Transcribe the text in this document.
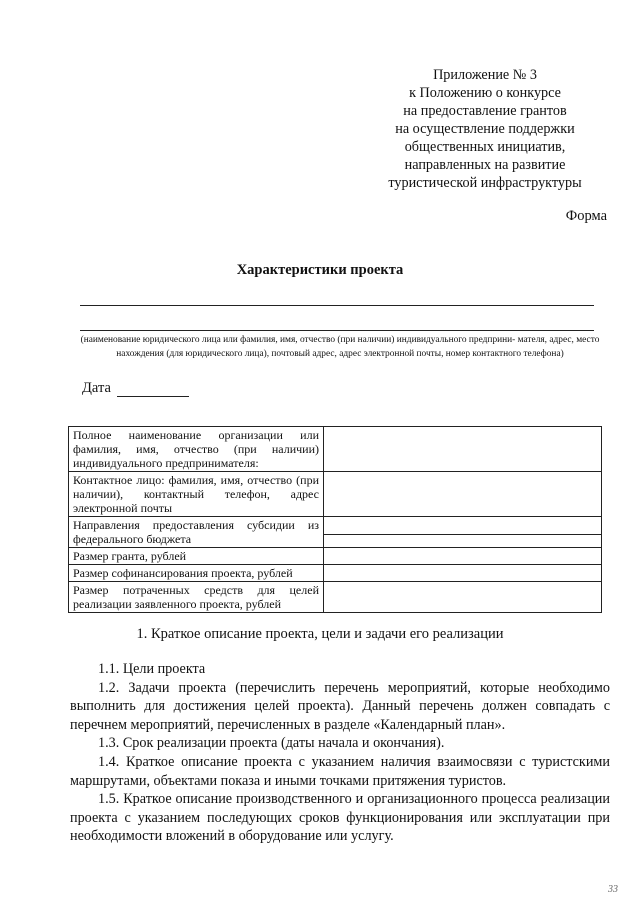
Приложение № 3
к Положению о конкурсе
на предоставление грантов
на осуществление поддержки
общественных инициатив,
направленных на развитие
туристической инфраструктуры
Форма
Характеристики проекта
(наименование юридического лица или фамилия, имя, отчество (при наличии) индивидуального предприни- мателя, адрес, место нахождения (для юридического лица), почтовый адрес, адрес электронной почты, номер контактного телефона)
Дата
Полное наименование организации или фамилия, имя, отчество (при наличии) индивидуального предпринимателя:	
Контактное лицо: фамилия, имя, отчество (при наличии), контактный телефон, адрес электронной почты	
Направления предоставления субсидии из федерального бюджета	

Размер гранта, рублей	
Размер софинансирования проекта, рублей	
Размер потраченных средств для целей реализации заявленного проекта, рублей	
1. Краткое описание проекта, цели и задачи его реализации

1.1. Цели проекта

1.2. Задачи проекта (перечислить перечень мероприятий, которые необходимо выполнить для достижения целей проекта). Данный перечень должен совпадать с перечнем мероприятий, перечисленных в разделе «Календарный план».

1.3. Срок реализации проекта (даты начала и окончания).

1.4. Краткое описание проекта с указанием наличия взаимосвязи с туристскими маршрутами, объектами показа и иными точками притяжения туристов.

1.5. Краткое описание производственного и организационного процесса реализации проекта с указанием последующих сроков функционирования или эксплуатации при необходимости вложений в оборудование или услугу.

33
